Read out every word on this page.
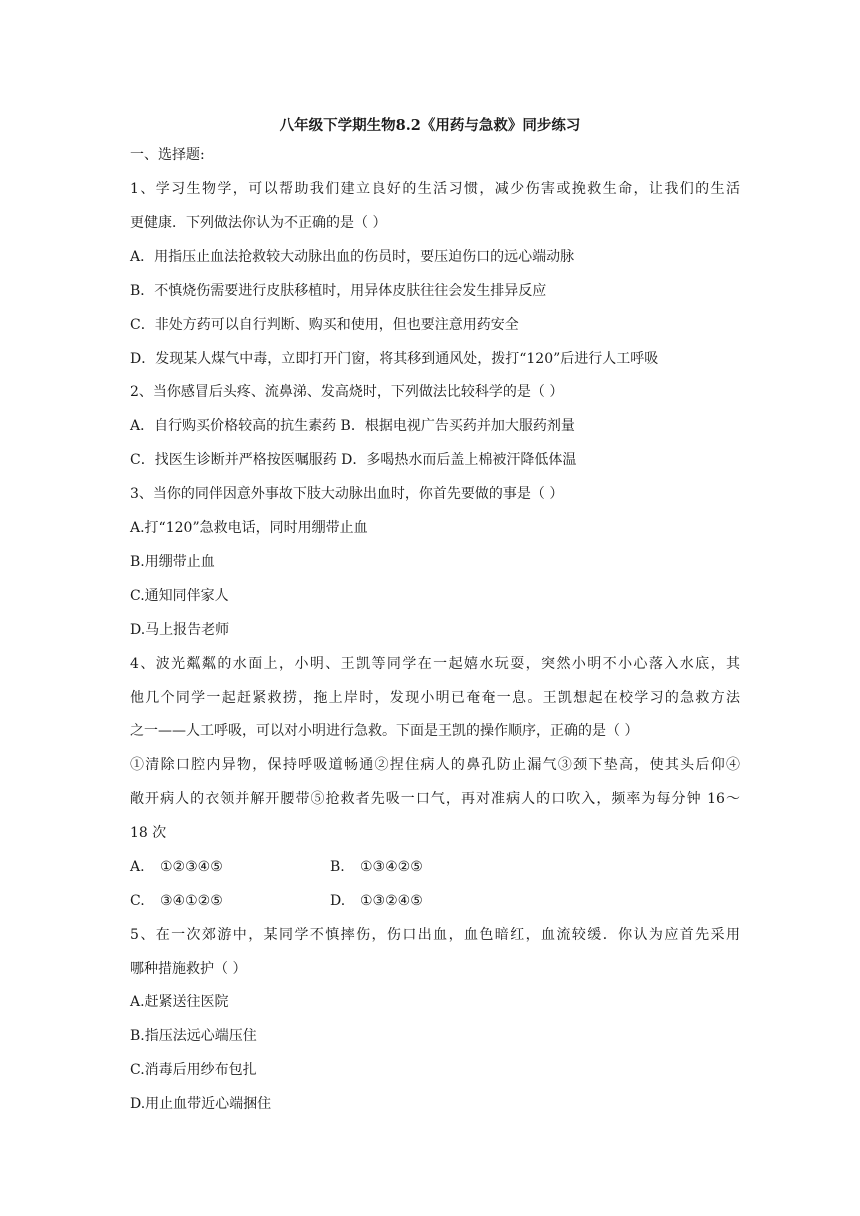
八年级下学期生物8.2《用药与急救》同步练习
一、选择题:
1、学习生物学，可以帮助我们建立良好的生活习惯，减少伤害或挽救生命，让我们的生活
更健康．下列做法你认为不正确的是（ ）
A．用指压止血法抢救较大动脉出血的伤员时，要压迫伤口的远心端动脉
B．不慎烧伤需要进行皮肤移植时，用异体皮肤往往会发生排异反应
C．非处方药可以自行判断、购买和使用，但也要注意用药安全
D．发现某人煤气中毒，立即打开门窗，将其移到通风处，拨打“120”后进行人工呼吸
2、当你感冒后头疼、流鼻涕、发高烧时，下列做法比较科学的是（ ）
A．自行购买价格较高的抗生素药 B．根据电视广告买药并加大服药剂量
C．找医生诊断并严格按医嘱服药 D．多喝热水而后盖上棉被汗降低体温
3、当你的同伴因意外事故下肢大动脉出血时，你首先要做的事是（ ）
A.打“120”急救电话，同时用绷带止血
B.用绷带止血
C.通知同伴家人
D.马上报告老师
4、波光粼粼的水面上，小明、王凯等同学在一起嬉水玩耍，突然小明不小心落入水底，其
他几个同学一起赶紧救捞，拖上岸时，发现小明已奄奄一息。王凯想起在校学习的急救方法
之一——人工呼吸，可以对小明进行急救。下面是王凯的操作顺序，正确的是（ ）
①清除口腔内异物，保持呼吸道畅通②捏住病人的鼻孔防止漏气③颈下垫高，使其头后仰④
敞开病人的衣领并解开腰带⑤抢救者先吸一口气，再对准病人的口吹入，频率为每分钟 16～
18 次
A. ①②③④⑤	B. ①③④②⑤
C. ③④①②⑤	D. ①③②④⑤
5、在一次郊游中，某同学不慎摔伤，伤口出血，血色暗红，血流较缓．你认为应首先采用
哪种措施救护（ ）
A.赶紧送往医院
B.指压法远心端压住
C.消毒后用纱布包扎
D.用止血带近心端捆住
